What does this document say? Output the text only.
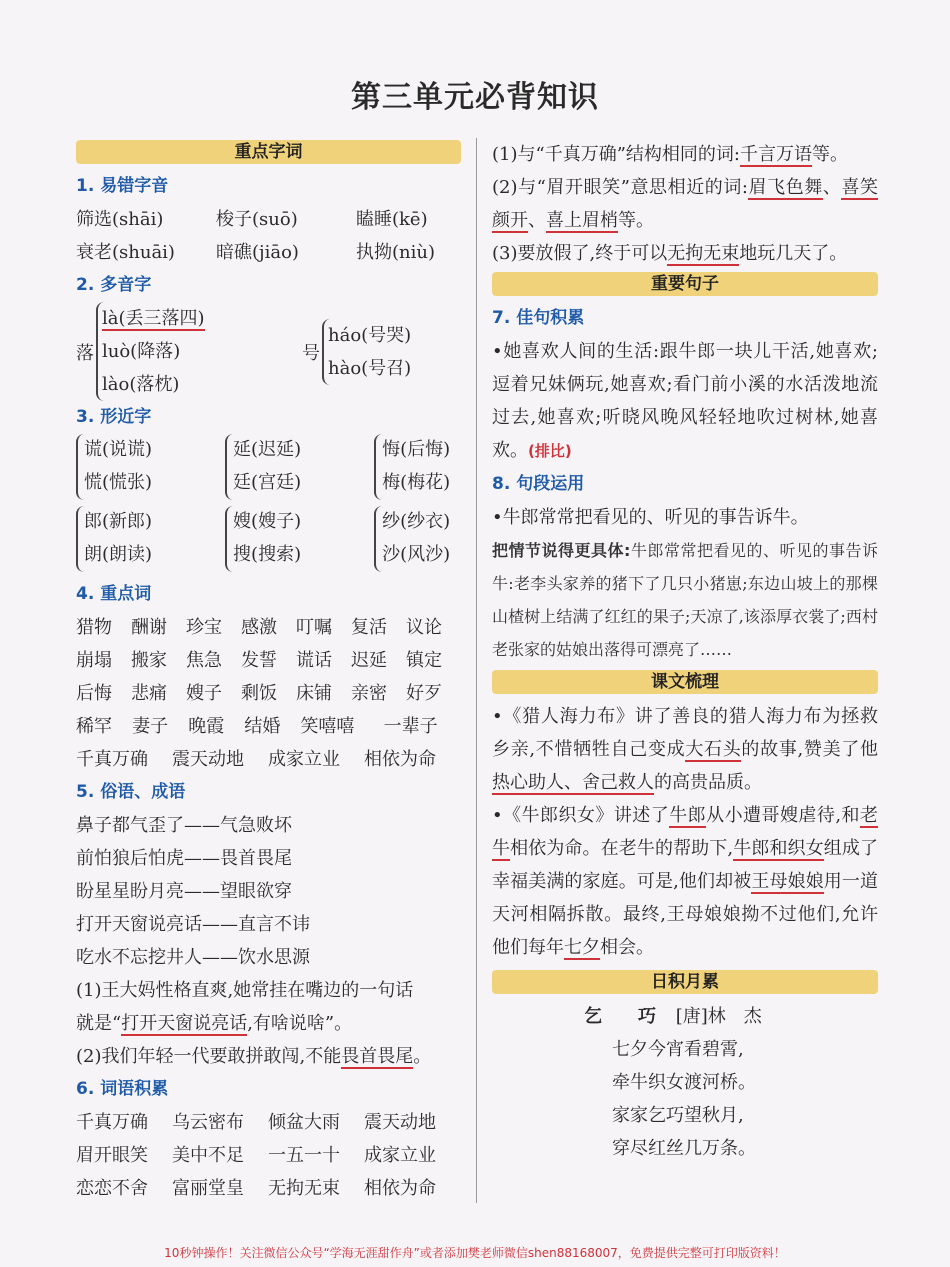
第三单元必背知识
重点字词
1. 易错字音
筛选(shāi)	梭子(suō)	瞌睡(kē)
衰老(shuāi)	暗礁(jiāo)	执拗(niù)
2. 多音字
落
là(丢三落四)
luò(降落)
lào(落枕)
号
háo(号哭)
hào(号召)
3. 形近字
谎(说谎)
慌(慌张)
延(迟延)
廷(宫廷)
悔(后悔)
梅(梅花)
郎(新郎)
朗(朗读)
嫂(嫂子)
搜(搜索)
纱(纱衣)
沙(风沙)
4. 重点词
猎物	酬谢	珍宝	感激	叮嘱	复活	议论
崩塌	搬家	焦急	发誓	谎话	迟延	镇定
后悔	悲痛	嫂子	剩饭	床铺	亲密	好歹
稀罕	妻子	晚霞	结婚	笑嘻嘻	一辈子
千真万确	震天动地	成家立业	相依为命
5. 俗语、成语
鼻子都气歪了——气急败坏
前怕狼后怕虎——畏首畏尾
盼星星盼月亮——望眼欲穿
打开天窗说亮话——直言不讳
吃水不忘挖井人——饮水思源
(1)王大妈性格直爽,她常挂在嘴边的一句话
就是“打开天窗说亮话,有啥说啥”。
(2)我们年轻一代要敢拼敢闯,不能畏首畏尾。
6. 词语积累
千真万确	乌云密布	倾盆大雨	震天动地
眉开眼笑	美中不足	一五一十	成家立业
恋恋不舍	富丽堂皇	无拘无束	相依为命
(1)与“千真万确”结构相同的词:千言万语等。
(2)与“眉开眼笑”意思相近的词:眉飞色舞、喜笑颜开、喜上眉梢等。
(3)要放假了,终于可以无拘无束地玩几天了。
重要句子
7. 佳句积累
•她喜欢人间的生活:跟牛郎一块儿干活,她喜欢;逗着兄妹俩玩,她喜欢;看门前小溪的水活泼地流过去,她喜欢;听晓风晚风轻轻地吹过树林,她喜欢。(排比)
8. 句段运用
•牛郎常常把看见的、听见的事告诉牛。
把情节说得更具体:牛郎常常把看见的、听见的事告诉牛:老李头家养的猪下了几只小猪崽;东边山坡上的那棵山楂树上结满了红红的果子;天凉了,该添厚衣裳了;西村老张家的姑娘出落得可漂亮了……
课文梳理
•《猎人海力布》讲了善良的猎人海力布为拯救乡亲,不惜牺牲自己变成大石头的故事,赞美了他热心助人、舍己救人的高贵品质。
•《牛郎织女》讲述了牛郎从小遭哥嫂虐待,和老牛相依为命。在老牛的帮助下,牛郎和织女组成了幸福美满的家庭。可是,他们却被王母娘娘用一道天河相隔拆散。最终,王母娘娘拗不过他们,允许他们每年七夕相会。
日积月累
乞　　巧 [唐]林　杰
七夕今宵看碧霄,
牵牛织女渡河桥。
家家乞巧望秋月,
穿尽红丝几万条。
10秒钟操作！关注微信公众号“学海无涯甜作舟”或者添加樊老师微信shen88168007，免费提供完整可打印版资料！
